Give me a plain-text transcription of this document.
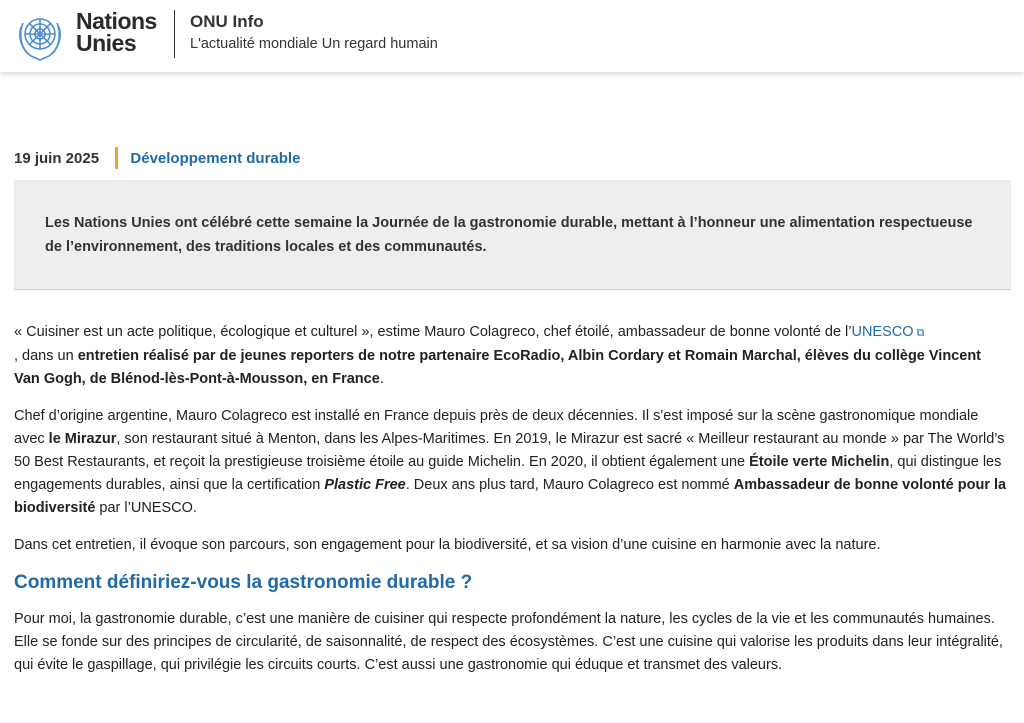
Nations
Unies
ONU Info
L'actualité mondiale Un regard humain
19 juin 2025 Développement durable
Les Nations Unies ont célébré cette semaine la Journée de la gastronomie durable, mettant à l’honneur une alimentation respectueuse de l’environnement, des traditions locales et des communautés.

« Cuisiner est un acte politique, écologique et culturel », estime Mauro Colagreco, chef étoilé, ambassadeur de bonne volonté de l’UNESCO ⧉
, dans un entretien réalisé par de jeunes reporters de notre partenaire EcoRadio, Albin Cordary et Romain Marchal, élèves du collège Vincent Van Gogh, de Blénod-lès-Pont-à-Mousson, en France.

Chef d’origine argentine, Mauro Colagreco est installé en France depuis près de deux décennies. Il s'est imposé sur la scène gastronomique mondiale avec le Mirazur, son restaurant situé à Menton, dans les Alpes-Maritimes. En 2019, le Mirazur est sacré « Meilleur restaurant au monde » par The World’s 50 Best Restaurants, et reçoit la prestigieuse troisième étoile au guide Michelin. En 2020, il obtient également une Étoile verte Michelin, qui distingue les engagements durables, ainsi que la certification Plastic Free. Deux ans plus tard, Mauro Colagreco est nommé Ambassadeur de bonne volonté pour la biodiversité par l’UNESCO.

Dans cet entretien, il évoque son parcours, son engagement pour la biodiversité, et sa vision d’une cuisine en harmonie avec la nature.

Comment définiriez-vous la gastronomie durable ?

Pour moi, la gastronomie durable, c’est une manière de cuisiner qui respecte profondément la nature, les cycles de la vie et les communautés humaines. Elle se fonde sur des principes de circularité, de saisonnalité, de respect des écosystèmes. C’est une cuisine qui valorise les produits dans leur intégralité, qui évite le gaspillage, qui privilégie les circuits courts. C’est aussi une gastronomie qui éduque et transmet des valeurs.
